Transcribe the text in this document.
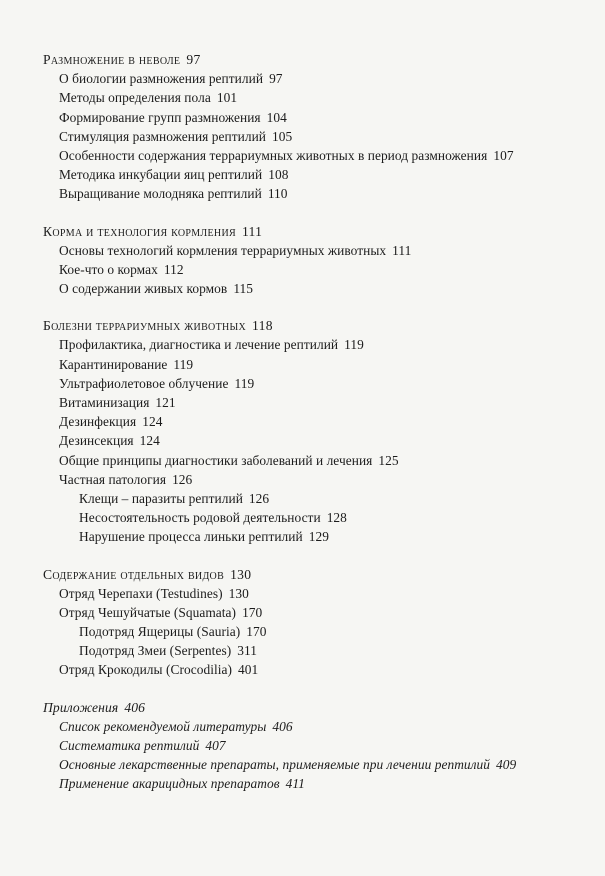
Размножение в неволе 97
О биологии размножения рептилий 97
Методы определения пола 101
Формирование групп размножения 104
Стимуляция размножения рептилий 105
Особенности содержания террариумных животных в период размножения 107
Методика инкубации яиц рептилий 108
Выращивание молодняка рептилий 110
Корма и технология кормления 111
Основы технологий кормления террариумных животных 111
Кое-что о кормах 112
О содержании живых кормов 115
Болезни террариумных животных 118
Профилактика, диагностика и лечение рептилий 119
Карантинирование 119
Ультрафиолетовое облучение 119
Витаминизация 121
Дезинфекция 124
Дезинсекция 124
Общие принципы диагностики заболеваний и лечения 125
Частная патология 126
Клещи – паразиты рептилий 126
Несостоятельность родовой деятельности 128
Нарушение процесса линьки рептилий 129
Содержание отдельных видов 130
Отряд Черепахи (Testudines) 130
Отряд Чешуйчатые (Squamata) 170
Подотряд Ящерицы (Sauria) 170
Подотряд Змеи (Serpentes) 311
Отряд Крокодилы (Crocodilia) 401
Приложения 406
Список рекомендуемой литературы 406
Систематика рептилий 407
Основные лекарственные препараты, применяемые при лечении рептилий 409
Применение акарицидных препаратов 411
